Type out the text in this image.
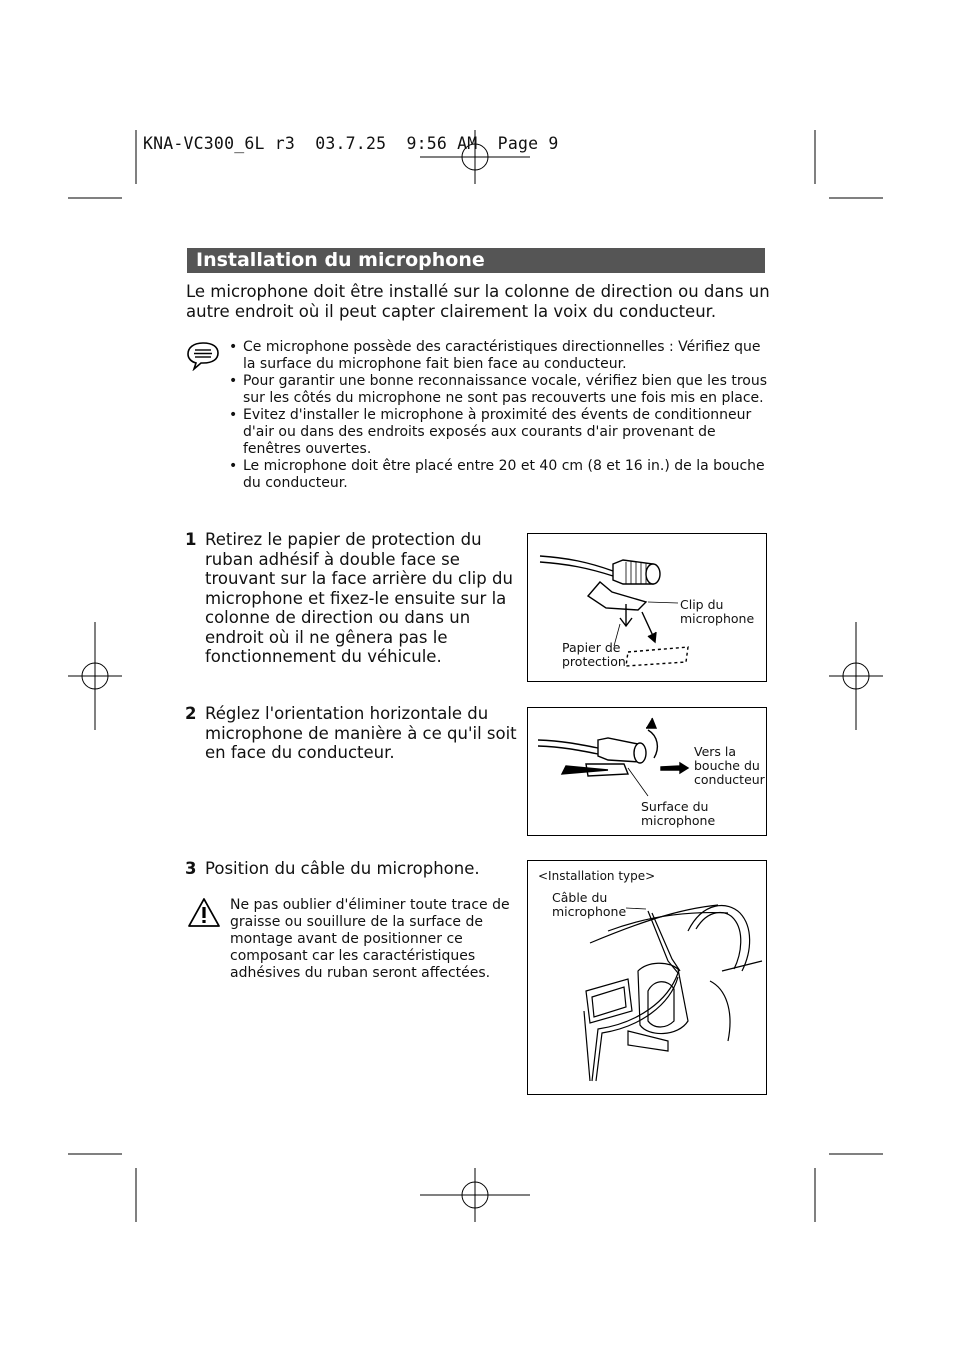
KNA-VC300_6L r3  03.7.25  9:56 AM  Page 9
Installation du microphone
Le microphone doit être installé sur la colonne de direction ou dans un autre endroit où il peut capter clairement la voix du conducteur.
• Ce microphone possède des caractéristiques directionnelles : Vérifiez que la surface du microphone fait bien face au conducteur.
• Pour garantir une bonne reconnaissance vocale, vérifiez bien que les trous sur les côtés du microphone ne sont pas recouverts une fois mis en place.
• Evitez d'installer le microphone à proximité des évents de conditionneur d'air ou dans des endroits exposés aux courants d'air provenant de fenêtres ouvertes.
• Le microphone doit être placé entre 20 et 40 cm (8 et 16 in.) de la bouche du conducteur.
1 Retirez le papier de protection du ruban adhésif à double face se trouvant sur la face arrière du clip du microphone et fixez-le ensuite sur la colonne de direction ou dans un endroit où il ne gênera pas le fonctionnement du véhicule.
Clip du
microphone
Papier de
protection
2 Réglez l'orientation horizontale du microphone de manière à ce qu'il soit en face du conducteur.	Vers la
bouche du
conducteur
Surface du
microphone
3 Position du câble du microphone.
Ne pas oublier d'éliminer toute trace de graisse ou souillure de la surface de montage avant de positionner ce composant car les caractéristiques adhésives du ruban seront affectées.
<Installation type>
Câble du
microphone
